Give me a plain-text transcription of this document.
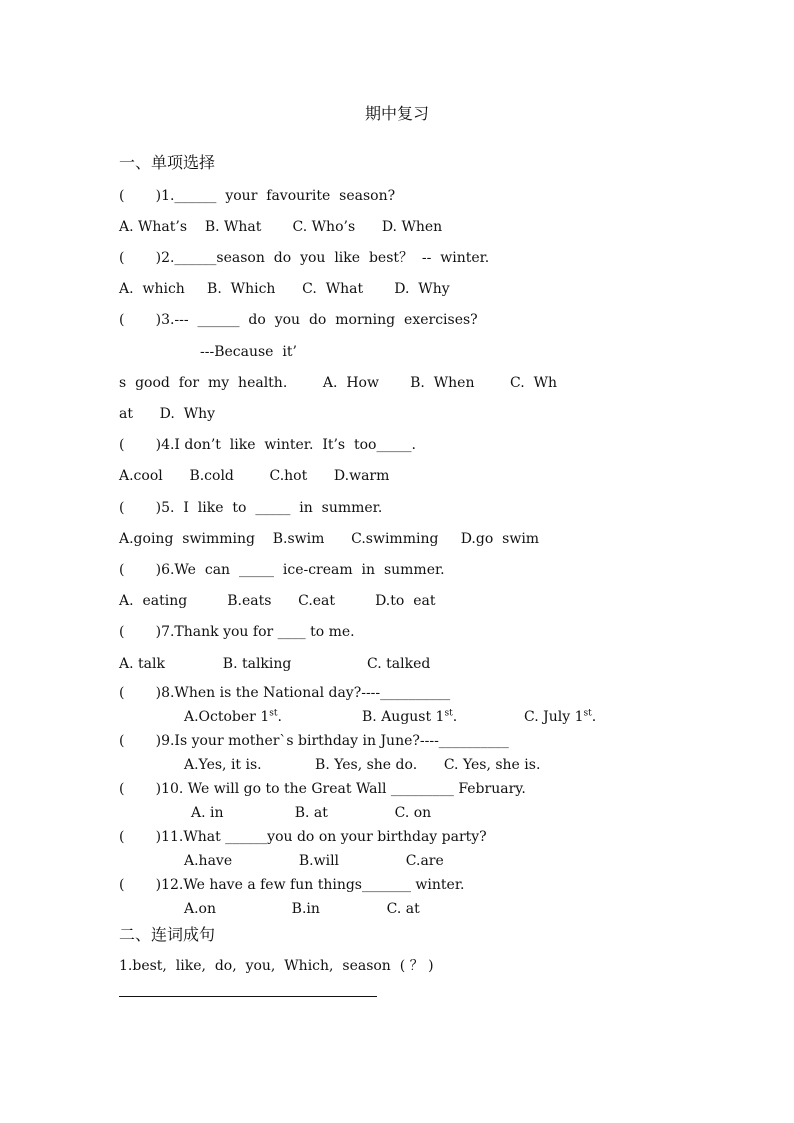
期中复习
一、单项选择
(       )1.______  your  favourite  season?
A. What’s    B. What       C. Who’s      D. When
(       )2.______season  do  you  like  best？  --  winter.
A.  which     B.  Which      C.  What       D.  Why
(       )3.---  ______  do  you  do  morning  exercises?
---Because  it’
s  good  for  my  health.        A.  How       B.  When        C.  Wh
at      D.  Why
(       )4.I don’t  like  winter.  It’s  too_____.
A.cool      B.cold        C.hot      D.warm
(       )5.  I  like  to  _____  in  summer.
A.going  swimming    B.swim      C.swimming     D.go  swim
(       )6.We  can  _____  ice-cream  in  summer.
A.  eating         B.eats      C.eat         D.to  eat
(       )7.Thank you for ____ to me.
A. talk             B. talking                 C. talked
(       )8.When is the National day?----__________
A.October 1st.	B. August 1st.	C. July 1st.
(       )9.Is your mother`s birthday in June?----__________
A.Yes, it is.            B. Yes, she do.      C. Yes, she is.
(       )10. We will go to the Great Wall _________ February.
A. in                B. at               C. on
(       )11.What ______you do on your birthday party?
A.have               B.will               C.are
(       )12.We have a few fun things_______ winter.
A.on                 B.in               C. at
二、连词成句
1.best,  like,  do,  you,  Which,  season  ( ？ )
